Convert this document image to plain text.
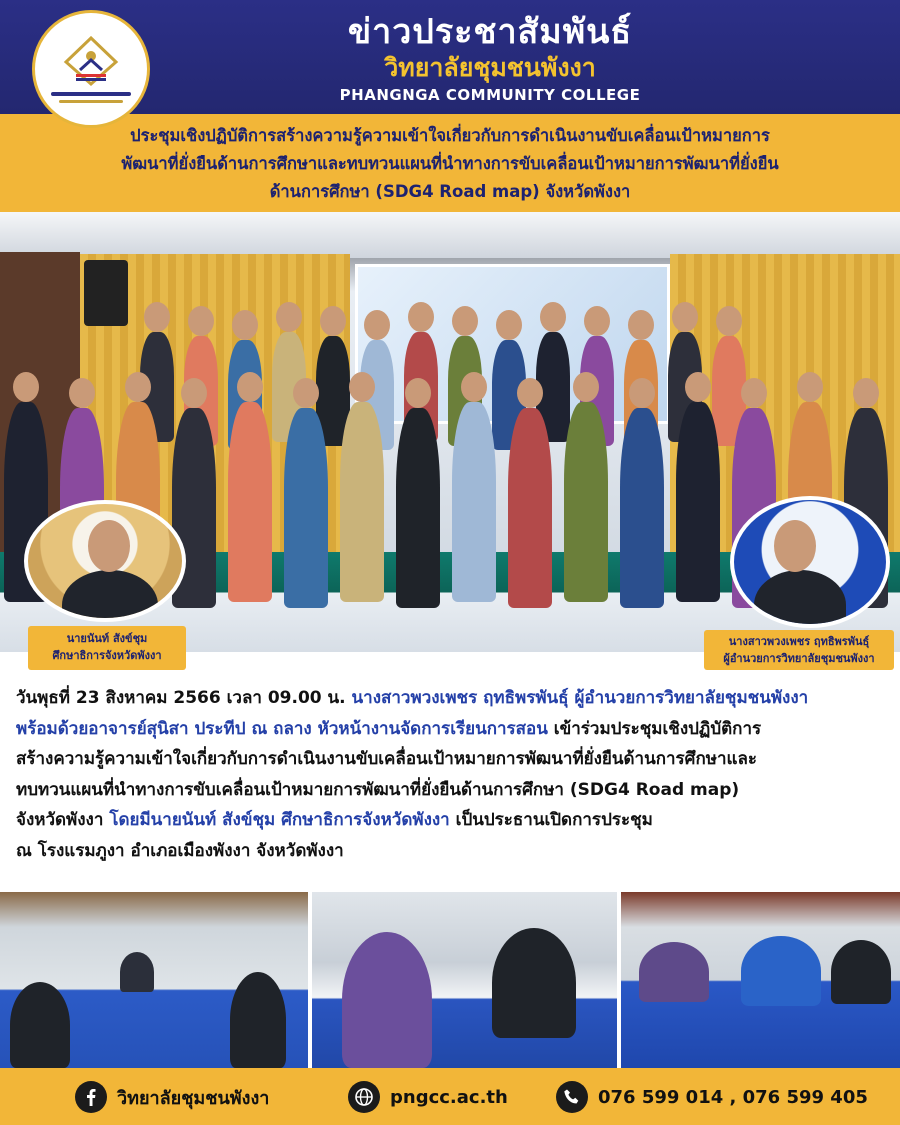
ข่าวประชาสัมพันธ์
วิทยาลัยชุมชนพังงา
PHANGNGA COMMUNITY COLLEGE
ประชุมเชิงปฏิบัติการสร้างความรู้ความเข้าใจเกี่ยวกับการดำเนินงานขับเคลื่อนเป้าหมายการ
พัฒนาที่ยั่งยืนด้านการศึกษาและทบทวนแผนที่นำทางการขับเคลื่อนเป้าหมายการพัฒนาที่ยั่งยืน
ด้านการศึกษา (SDG4 Road map) จังหวัดพังงา
นายนันท์ สังข์ชุม
ศึกษาธิการจังหวัดพังงา
นางสาวพวงเพชร ฤทธิพรพันธุ์
ผู้อำนวยการวิทยาลัยชุมชนพังงา
วันพุธที่ 23 สิงหาคม 2566 เวลา 09.00 น. นางสาวพวงเพชร ฤทธิพรพันธุ์ ผู้อำนวยการวิทยาลัยชุมชนพังงา
พร้อมด้วยอาจารย์สุนิสา ประทีป ณ ถลาง หัวหน้างานจัดการเรียนการสอน เข้าร่วมประชุมเชิงปฏิบัติการ
สร้างความรู้ความเข้าใจเกี่ยวกับการดำเนินงานขับเคลื่อนเป้าหมายการพัฒนาที่ยั่งยืนด้านการศึกษาและ
ทบทวนแผนที่นำทางการขับเคลื่อนเป้าหมายการพัฒนาที่ยั่งยืนด้านการศึกษา (SDG4 Road map)
จังหวัดพังงา โดยมีนายนันท์ สังข์ชุม ศึกษาธิการจังหวัดพังงา เป็นประธานเปิดการประชุม
ณ โรงแรมภูงา อำเภอเมืองพังงา จังหวัดพังงา
วิทยาลัยชุมชนพังงา	pngcc.ac.th	076 599 014 , 076 599 405
